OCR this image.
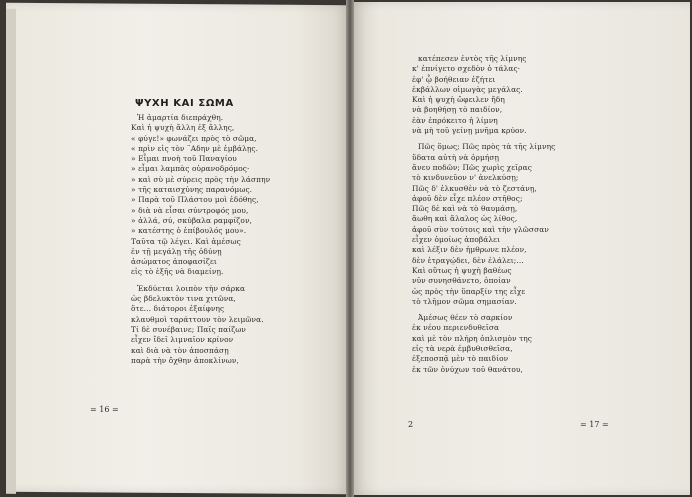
ΨΥΧΗ ΚΑΙ ΣΩΜΑ
Ἡ ἁμαρτία διεπράχθη.
Καὶ ἡ ψυχὴ ἄλλη ἐξ ἄλλης,
« φύγε!» φωνάζει πρὸς τὸ σῶμα,
« πρὶν εἰς τὸν ¨Αδην μὲ ἐμβάλῃς.
» Εἶμαι πνοὴ τοῦ Παναγίου
» εἶμαι λαμπὰς οὐρανοδρόμος·
» καὶ σὺ μὲ σύρεις πρὸς τὴν λάσπην
» τῆς καταισχύνης παρανόμως.
» Παρὰ τοῦ Πλάστου μοὶ ἐδόθης,
» διὰ νὰ εἶσαι σύντροφός μου,
» ἀλλά, σύ, σκύβαλα ραμφίζον,
» κατέστης ὁ ἐπίβουλός μου».
Ταῦτα τῷ λέγει. Καὶ ἀμέσως
ἐν τῇ μεγάλῃ τῆς ὀδύνῃ
ἀσώματος ἀποφασίζει
εἰς τὸ ἑξῆς νὰ διαμείνῃ.
Ἐκδύεται λοιπὸν τὴν σάρκα
ὡς βδελυκτὸν τινα χιτῶνα,
ὅτε... διάτοροι ἐξαίφνης
κλαυθμοὶ ταράττουν τὸν λειμῶνα.
Τί δὲ συνέβαινε; Παῖς παίζων
εἶχεν ἴδεῖ λιμναῖον κρίνον
καὶ διὰ νὰ τὸν ἀποσπάσῃ
παρὰ τὴν ὄχθην ἀποκλίνων,
= 16 =
κατέπεσεν ἐντὸς τῆς λίμνης
κ' ἐπνίγετο σχεδὸν ὁ τάλας·
ἐφ' ᾧ βοήθειαν ἐζήτει
ἐκβάλλων οἰμωγὰς μεγάλας.
Καὶ ἡ ψυχὴ ὤφειλεν ἤδη
νὰ βοηθήσῃ τὸ παιδίον,
ἐὰν ἐπρόκειτο ἡ λίμνη
νὰ μὴ τοῦ γείνῃ μνῆμα κρύον.
Πῶς ὅμως; Πῶς πρὸς τὰ τῆς λίμνης
ὕδατα αὐτὴ νὰ ὁρμήσῃ
ἄνευ ποδῶν; Πῶς χωρὶς χεῖρας
τὸ κινδυνεῦον ν' ἀνελκύσῃ;
Πῶς δ' ἑλκυσθὲν νὰ τὸ ζεστάνῃ,
ἀφοῦ δὲν εἶχε πλέον στῆθος;
Πῶς δὲ καὶ νὰ τὸ θαυμάσῃ,
ἄωθη καὶ ἄλαλος ὡς λίθος,
ἀφοῦ σὺν τούτοις καὶ τὴν γλῶσσαν
εἶχεν ὁμοίως ἀποβάλει
καὶ λέξιν δὲν ἠμθρωνε πλέον,
δὲν ἐτραγῴδει, δὲν ἐλάλει;...
Καὶ οὕτως ἡ ψυχὴ βαθέως
νῦν συνησθάνετο, ὁποίαν
ὡς πρὸς τὴν ὕπαρξίν της εἶχε
τὸ τλῆμον σῶμα σημασίαν.
Ἀμέσως θέεν τὸ σαρκίον
ἐκ νέου περιενδυθεῖσα
καὶ μὲ τὸν πλήρη ὁπλισμὸν της
εἰς τὰ νερὰ ἐμβυθισθεῖσα,
ἐξεποσπᾷ μὲν τὸ παιδίον
ἐκ τῶν ὀνύχων τοῦ θανάτου,
2	= 17 =
